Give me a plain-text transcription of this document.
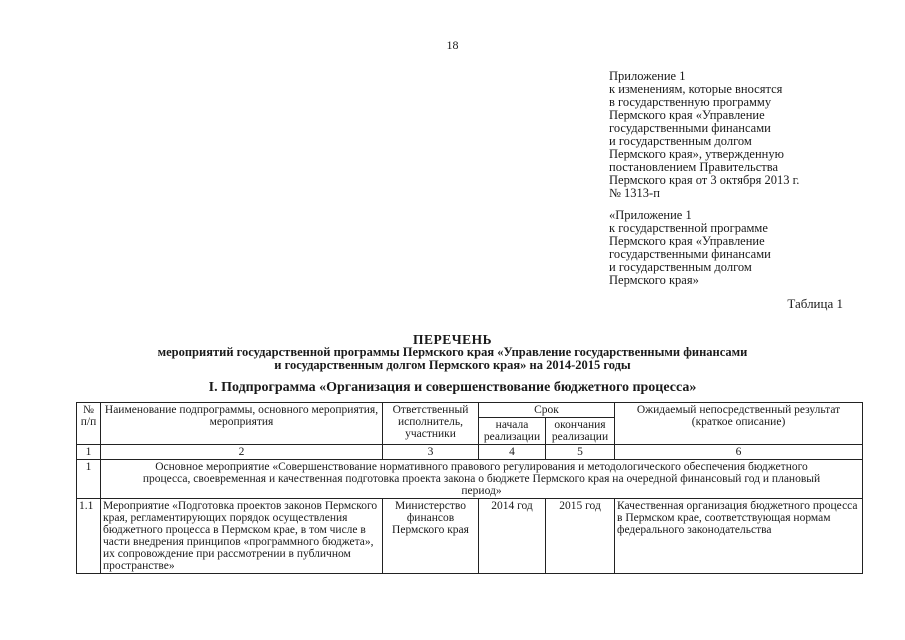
18
Приложение 1
к изменениям, которые вносятся
в государственную программу
Пермского края «Управление
государственными финансами
и государственным долгом
Пермского края», утвержденную
постановлением Правительства
Пермского края от 3 октября 2013 г.
№ 1313-п
«Приложение 1
к государственной программе
Пермского края «Управление
государственными финансами
и государственным долгом
Пермского края»
Таблица 1
ПЕРЕЧЕНЬ
мероприятий государственной программы Пермского края «Управление государственными финансами
и государственным долгом Пермского края» на 2014-2015 годы
I. Подпрограмма «Организация и совершенствование бюджетного процесса»
№ п/п	Наименование подпрограммы, основного мероприятия, мероприятия	Ответственный исполнитель, участники	Срок		Ожидаемый непосредственный результат (краткое описание)
			начала реализации	окончания реализации	
1	2	3	4	5	6
1	Основное мероприятие «Совершенствование нормативного правового регулирования и методологического обеспечения бюджетного процесса, своевременная и качественная подготовка проекта закона о бюджете Пермского края на очередной финансовый год и плановый период»				
1.1	Мероприятие «Подготовка проектов законов Пермского края, регламентирующих порядок осуществления бюджетного процесса в Пермском крае, в том числе в части внедрения принципов «программного бюджета», их сопровождение при рассмотрении в публичном пространстве»	Министерство финансов Пермского края	2014 год	2015 год	Качественная организация бюджетного процесса в Пермском крае, соответствующая нормам федерального законодательства
